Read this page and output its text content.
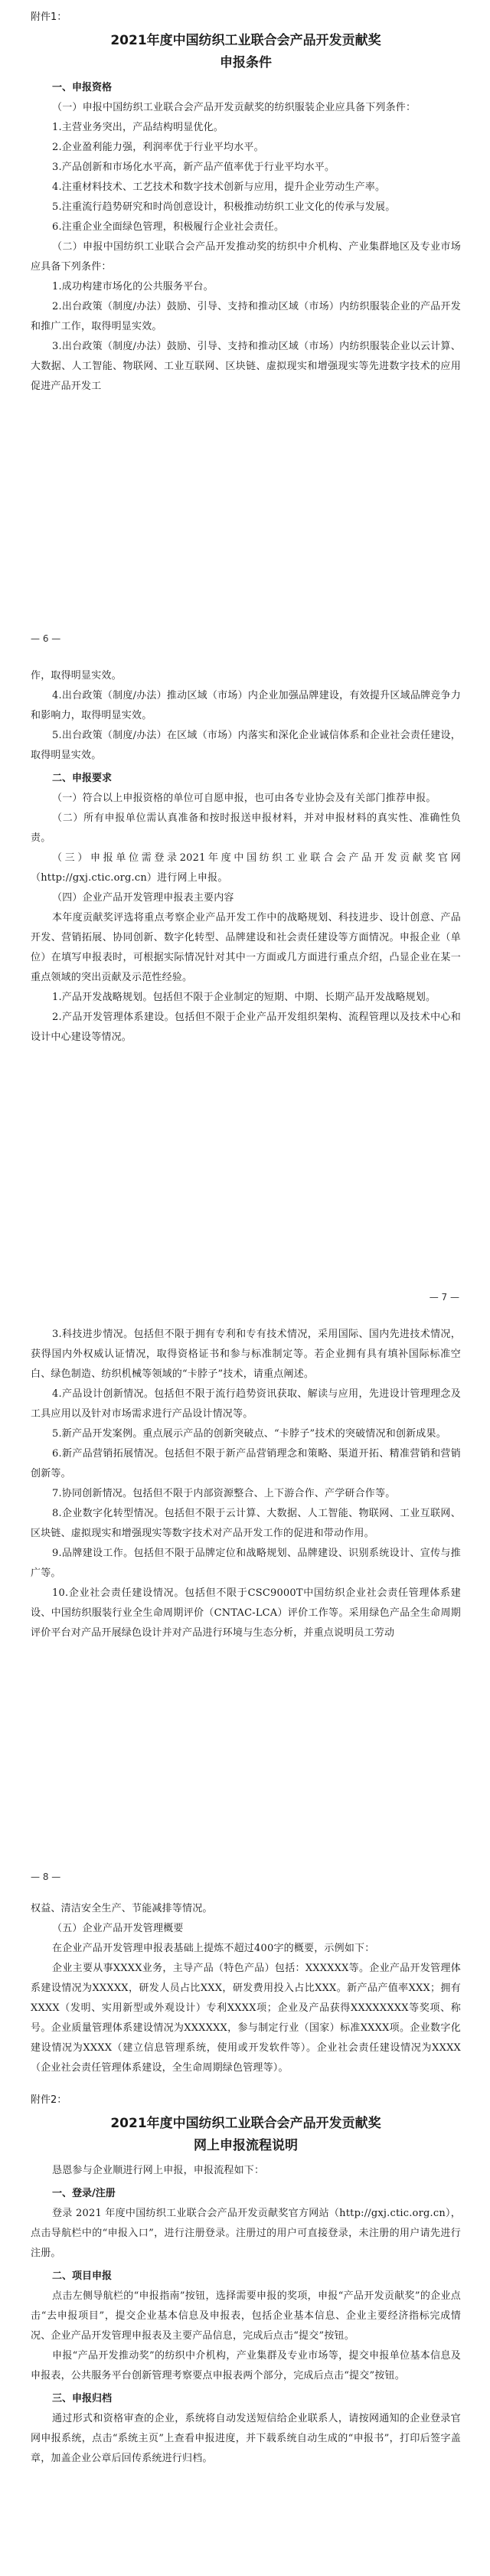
附件1：
2021年度中国纺织工业联合会产品开发贡献奖
申报条件
一、申报资格

（一）申报中国纺织工业联合会产品开发贡献奖的纺织服装企业应具备下列条件：

1.主营业务突出，产品结构明显优化。

2.企业盈利能力强，利润率优于行业平均水平。

3.产品创新和市场化水平高，新产品产值率优于行业平均水平。

4.注重材料技术、工艺技术和数字技术创新与应用，提升企业劳动生产率。

5.注重流行趋势研究和时尚创意设计，积极推动纺织工业文化的传承与发展。

6.注重企业全面绿色管理，积极履行企业社会责任。

（二）申报中国纺织工业联合会产品开发推动奖的纺织中介机构、产业集群地区及专业市场应具备下列条件：

1.成功构建市场化的公共服务平台。

2.出台政策（制度/办法）鼓励、引导、支持和推动区域（市场）内纺织服装企业的产品开发和推广工作，取得明显实效。

3.出台政策（制度/办法）鼓励、引导、支持和推动区域（市场）内纺织服装企业以云计算、大数据、人工智能、物联网、工业互联网、区块链、虚拟现实和增强现实等先进数字技术的应用促进产品开发工

— 6 —

作，取得明显实效。

4.出台政策（制度/办法）推动区域（市场）内企业加强品牌建设，有效提升区域品牌竞争力和影响力，取得明显实效。

5.出台政策（制度/办法）在区域（市场）内落实和深化企业诚信体系和企业社会责任建设，取得明显实效。

二、申报要求

（一）符合以上申报资格的单位可自愿申报，也可由各专业协会及有关部门推荐申报。

（二）所有申报单位需认真准备和按时报送申报材料，并对申报材料的真实性、准确性负责。

（三）申报单位需登录2021年度中国纺织工业联合会产品开发贡献奖官网（http://gxj.ctic.org.cn）进行网上申报。

（四）企业产品开发管理申报表主要内容

本年度贡献奖评选将重点考察企业产品开发工作中的战略规划、科技进步、设计创意、产品开发、营销拓展、协同创新、数字化转型、品牌建设和社会责任建设等方面情况。申报企业（单位）在填写申报表时，可根据实际情况针对其中一方面或几方面进行重点介绍，凸显企业在某一重点领域的突出贡献及示范性经验。

1.产品开发战略规划。包括但不限于企业制定的短期、中期、长期产品开发战略规划。

2.产品开发管理体系建设。包括但不限于企业产品开发组织架构、流程管理以及技术中心和设计中心建设等情况。

— 7 —

3.科技进步情况。包括但不限于拥有专利和专有技术情况，采用国际、国内先进技术情况，获得国内外权威认证情况，取得资格证书和参与标准制定等。若企业拥有具有填补国际标准空白、绿色制造、纺织机械等领域的“卡脖子”技术，请重点阐述。

4.产品设计创新情况。包括但不限于流行趋势资讯获取、解读与应用，先进设计管理理念及工具应用以及针对市场需求进行产品设计情况等。

5.新产品开发案例。重点展示产品的创新突破点、“卡脖子”技术的突破情况和创新成果。

6.新产品营销拓展情况。包括但不限于新产品营销理念和策略、渠道开拓、精准营销和营销创新等。

7.协同创新情况。包括但不限于内部资源整合、上下游合作、产学研合作等。

8.企业数字化转型情况。包括但不限于云计算、大数据、人工智能、物联网、工业互联网、区块链、虚拟现实和增强现实等数字技术对产品开发工作的促进和带动作用。

9.品牌建设工作。包括但不限于品牌定位和战略规划、品牌建设、识别系统设计、宣传与推广等。

10.企业社会责任建设情况。包括但不限于CSC9000T中国纺织企业社会责任管理体系建设、中国纺织服装行业全生命周期评价（CNTAC-LCA）评价工作等。采用绿色产品全生命周期评价平台对产品开展绿色设计并对产品进行环境与生态分析，并重点说明员工劳动

— 8 —

权益、清洁安全生产、节能减排等情况。

（五）企业产品开发管理概要

在企业产品开发管理申报表基础上提炼不超过400字的概要，示例如下：

企业主要从事XXXX业务，主导产品（特色产品）包括：XXXXXX等。企业产品开发管理体系建设情况为XXXXX，研发人员占比XXX，研发费用投入占比XXX。新产品产值率XXX；拥有XXXX（发明、实用新型或外观设计）专利XXXX项；企业及产品获得XXXXXXXX等奖项、称号。企业质量管理体系建设情况为XXXXXX，参与制定行业（国家）标准XXXX项。企业数字化建设情况为XXXX（建立信息管理系统，使用或开发软件等）。企业社会责任建设情况为XXXX（企业社会责任管理体系建设，全生命周期绿色管理等）。

附件2：
2021年度中国纺织工业联合会产品开发贡献奖
网上申报流程说明

恳恩参与企业顺进行网上申报，申报流程如下：

一、登录/注册

登录 2021 年度中国纺织工业联合会产品开发贡献奖官方网站（http://gxj.ctic.org.cn），点击导航栏中的“申报入口”，进行注册登录。注册过的用户可直接登录，未注册的用户请先进行注册。

二、项目申报

点击左侧导航栏的“申报指南”按钮，选择需要申报的奖项，申报“产品开发贡献奖”的企业点击“去申报项目”，提交企业基本信息及申报表，包括企业基本信息、企业主要经济指标完成情况、企业产品开发管理申报表及主要产品信息，完成后点击“提交”按钮。

申报“产品开发推动奖”的纺织中介机构，产业集群及专业市场等，提交申报单位基本信息及申报表，公共服务平台创新管理考察要点申报表两个部分，完成后点击“提交”按钮。

三、申报归档

通过形式和资格审查的企业，系统将自动发送短信给企业联系人，请按网通知的企业登录官网申报系统，点击“系统主页”上查看申报进度，并下载系统自动生成的“申报书”，打印后签字盖章，加盖企业公章后回传系统进行归档。
